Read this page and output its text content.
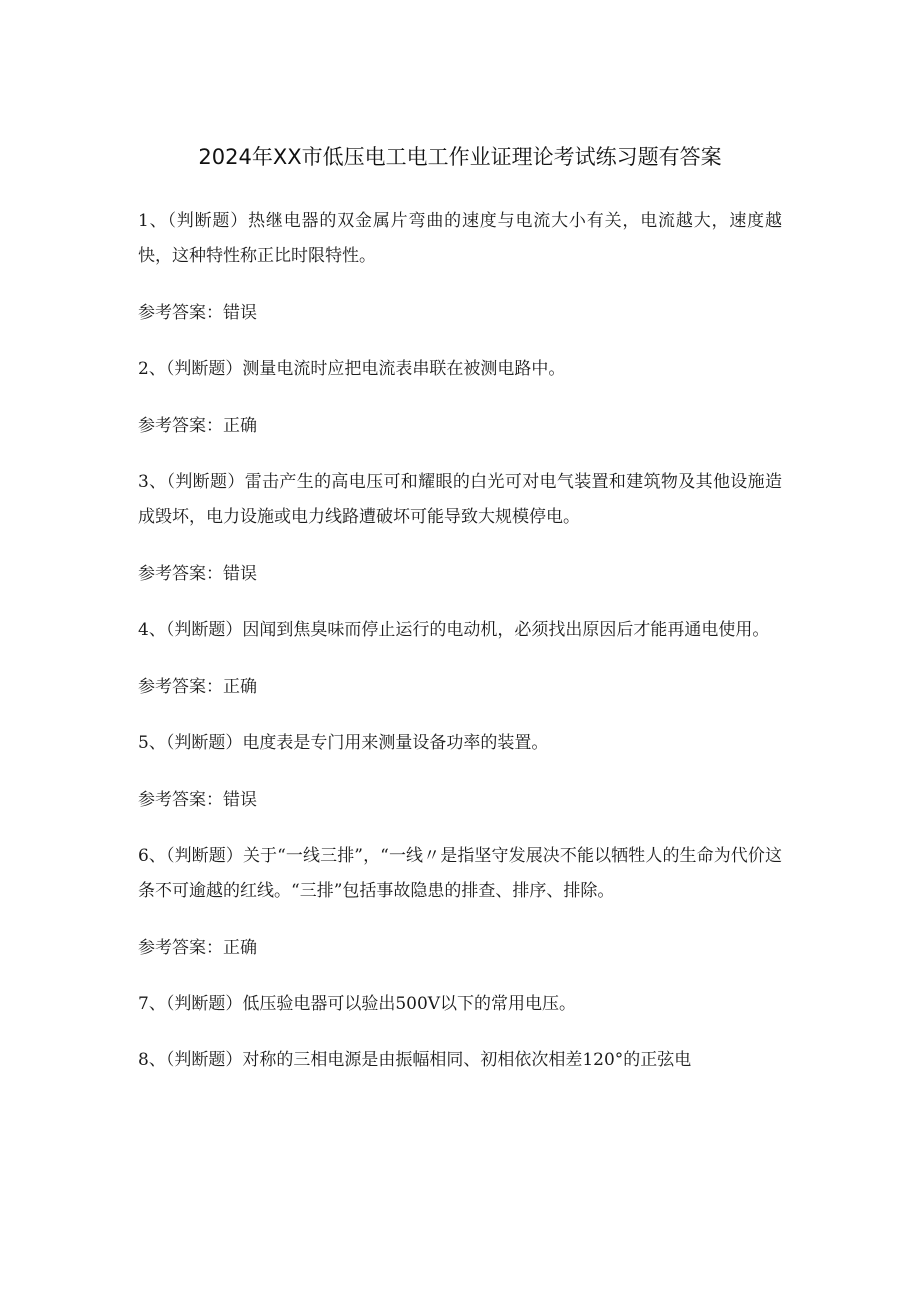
2024年XX市低压电工电工作业证理论考试练习题有答案

1、（判断题）热继电器的双金属片弯曲的速度与电流大小有关，电流越大，速度越快，这种特性称正比时限特性。

参考答案：错误

2、（判断题）测量电流时应把电流表串联在被测电路中。

参考答案：正确

3、（判断题）雷击产生的高电压可和耀眼的白光可对电气装置和建筑物及其他设施造成毁坏，电力设施或电力线路遭破坏可能导致大规模停电。

参考答案：错误

4、（判断题）因闻到焦臭味而停止运行的电动机，必须找出原因后才能再通电使用。

参考答案：正确

5、（判断题）电度表是专门用来测量设备功率的装置。

参考答案：错误

6、（判断题）关于“一线三排”，“一线〃是指坚守发展决不能以牺牲人的生命为代价这条不可逾越的红线。“三排”包括事故隐患的排查、排序、排除。

参考答案：正确

7、（判断题）低压验电器可以验出500V以下的常用电压。

8、（判断题）对称的三相电源是由振幅相同、初相依次相差120°的正弦电
